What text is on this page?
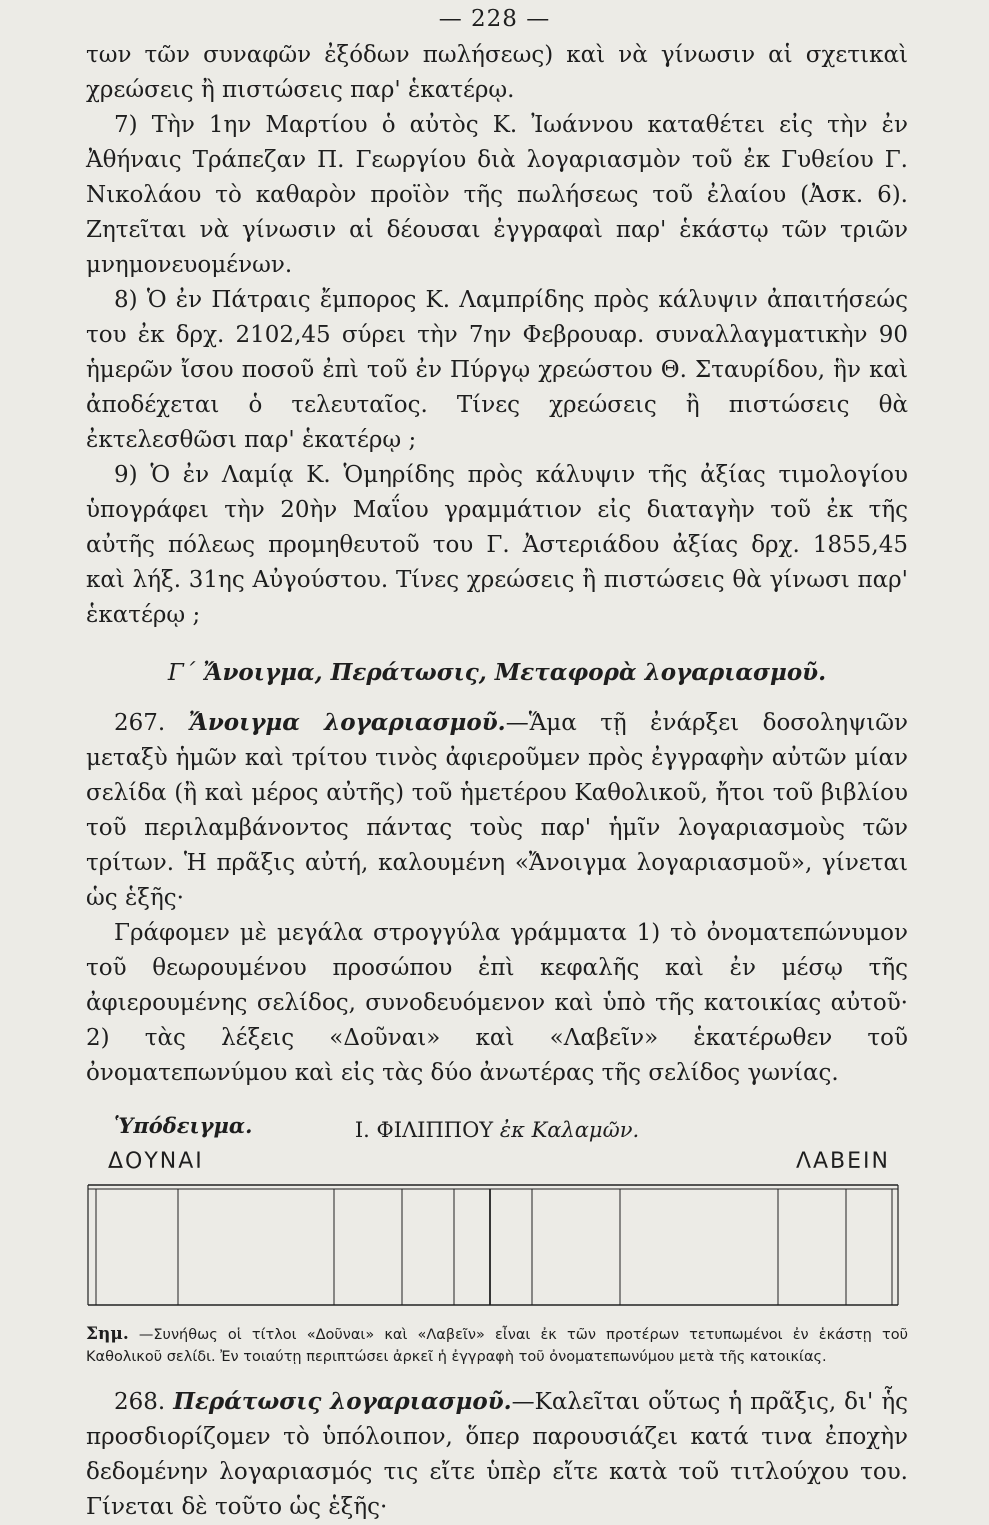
— 228 —

των τῶν συναφῶν ἐξόδων πωλήσεως) καὶ νὰ γίνωσιν αἱ σχετικαὶ χρεώσεις ἢ πιστώσεις παρ' ἑκατέρῳ.

7) Τὴν 1ην Μαρτίου ὁ αὐτὸς Κ. Ἰωάννου καταθέτει εἰς τὴν ἐν Ἀθήναις Τράπεζαν Π. Γεωργίου διὰ λογαριασμὸν τοῦ ἐκ Γυθείου Γ. Νικολάου τὸ καθαρὸν προϊὸν τῆς πωλήσεως τοῦ ἐλαίου (Ἀσκ. 6). Ζητεῖται νὰ γίνωσιν αἱ δέουσαι ἐγγραφαὶ παρ' ἑκάστῳ τῶν τριῶν μνημονευομένων.

8) Ὁ ἐν Πάτραις ἔμπορος Κ. Λαμπρίδης πρὸς κάλυψιν ἀπαιτήσεώς του ἐκ δρχ. 2102,45 σύρει τὴν 7ην Φεβρουαρ. συναλλαγματικὴν 90 ἡμερῶν ἴσου ποσοῦ ἐπὶ τοῦ ἐν Πύργῳ χρεώστου Θ. Σταυρίδου, ἣν καὶ ἀποδέχεται ὁ τελευταῖος. Τίνες χρεώσεις ἢ πιστώσεις θὰ ἐκτελεσθῶσι παρ' ἑκατέρῳ ;

9) Ὁ ἐν Λαμίᾳ Κ. Ὁμηρίδης πρὸς κάλυψιν τῆς ἀξίας τιμολογίου ὑπογράφει τὴν 20ὴν Μαΐου γραμμάτιον εἰς διαταγὴν τοῦ ἐκ τῆς αὐτῆς πόλεως προμηθευτοῦ του Γ. Ἀστεριάδου ἀξίας δρχ. 1855,45 καὶ λήξ. 31ης Αὐγούστου. Τίνες χρεώσεις ἢ πιστώσεις θὰ γίνωσι παρ' ἑκατέρῳ ;

Γ´ Ἄνοιγμα, Περάτωσις, Μεταφορὰ λογαριασμοῦ.

267. Ἄνοιγμα λογαριασμοῦ.—Ἅμα τῇ ἐνάρξει δοσοληψιῶν μεταξὺ ἡμῶν καὶ τρίτου τινὸς ἀφιεροῦμεν πρὸς ἐγγραφὴν αὐτῶν μίαν σελίδα (ἢ καὶ μέρος αὐτῆς) τοῦ ἡμετέρου Καθολικοῦ, ἤτοι τοῦ βιβλίου τοῦ περιλαμβάνοντος πάντας τοὺς παρ' ἡμῖν λογαριασμοὺς τῶν τρίτων. Ἡ πρᾶξις αὐτή, καλουμένη «Ἄνοιγμα λογαριασμοῦ», γίνεται ὡς ἑξῆς·

Γράφομεν μὲ μεγάλα στρογγύλα γράμματα 1) τὸ ὀνοματεπώνυμον τοῦ θεωρουμένου προσώπου ἐπὶ κεφαλῆς καὶ ἐν μέσῳ τῆς ἀφιερουμένης σελίδος, συνοδευόμενον καὶ ὑπὸ τῆς κατοικίας αὐτοῦ· 2) τὰς λέξεις «Δοῦναι» καὶ «Λαβεῖν» ἑκατέρωθεν τοῦ ὀνοματεπωνύμου καὶ εἰς τὰς δύο ἀνωτέρας τῆς σελίδος γωνίας.

Ὑπόδειγμα.	Ι. ΦΙΛΙΠΠΟΥ ἐκ Καλαμῶν.
ΔΟΥΝΑΙ	ΛΑΒΕΙΝ

Σημ. —Συνήθως οἱ τίτλοι «Δοῦναι» καὶ «Λαβεῖν» εἶναι ἐκ τῶν προτέρων τετυπωμένοι ἐν ἑκάστῃ τοῦ Καθολικοῦ σελίδι. Ἐν τοιαύτῃ περιπτώσει ἀρκεῖ ἡ ἐγγραφὴ τοῦ ὀνοματεπωνύμου μετὰ τῆς κατοικίας.

268. Περάτωσις λογαριασμοῦ.—Καλεῖται οὕτως ἡ πρᾶξις, δι' ἧς προσδιορίζομεν τὸ ὑπόλοιπον, ὅπερ παρουσιάζει κατά τινα ἐποχὴν δεδομένην λογαριασμός τις εἴτε ὑπὲρ εἴτε κατὰ τοῦ τιτλούχου του. Γίνεται δὲ τοῦτο ὡς ἑξῆς·
